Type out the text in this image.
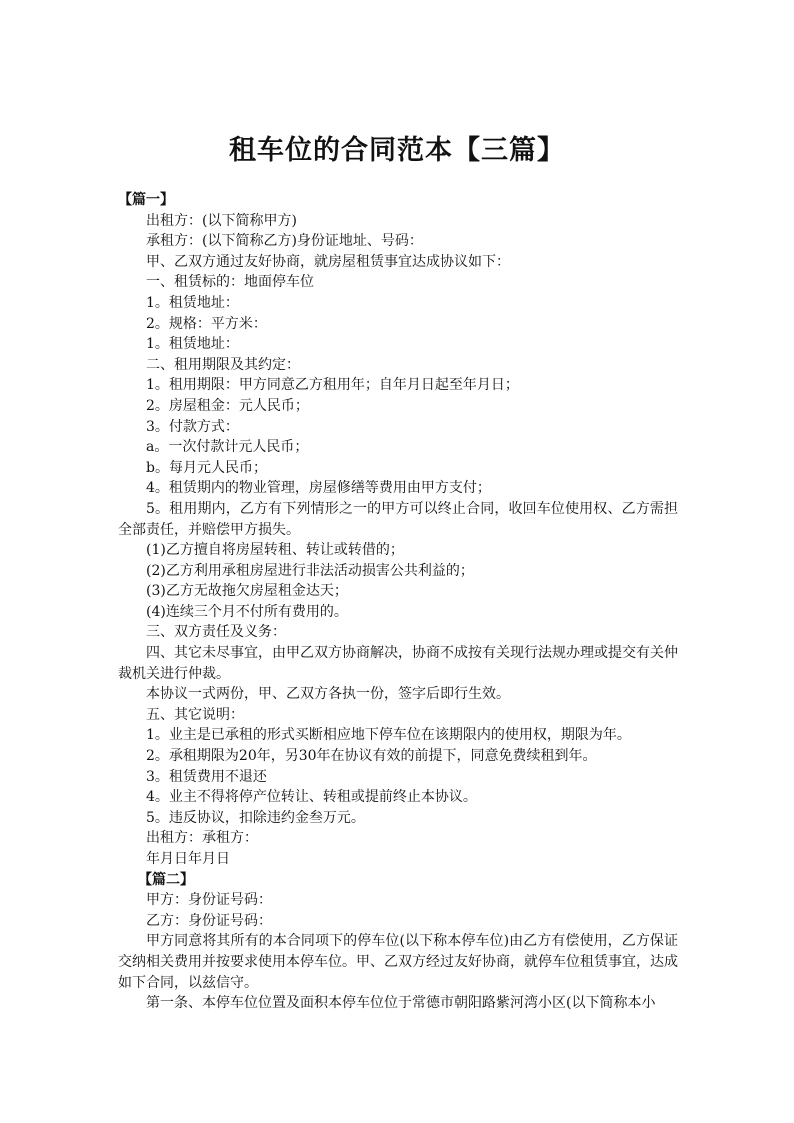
租车位的合同范本【三篇】

【篇一】

出租方：(以下简称甲方)

承租方：(以下简称乙方)身份证地址、号码：

甲、乙双方通过友好协商，就房屋租赁事宜达成协议如下：

一、租赁标的：地面停车位

1。租赁地址：

2。规格：平方米：

1。租赁地址：

二、租用期限及其约定：

1。租用期限：甲方同意乙方租用年；自年月日起至年月日；

2。房屋租金：元人民币；

3。付款方式：

a。一次付款计元人民币；

b。每月元人民币；

4。租赁期内的物业管理，房屋修缮等费用由甲方支付；

5。租用期内，乙方有下列情形之一的甲方可以终止合同，收回车位使用权、乙方需担全部责任，并赔偿甲方损失。

(1)乙方擅自将房屋转租、转让或转借的；

(2)乙方利用承租房屋进行非法活动损害公共利益的；

(3)乙方无故拖欠房屋租金达天；

(4)连续三个月不付所有费用的。

三、双方责任及义务：

四、其它未尽事宜，由甲乙双方协商解决，协商不成按有关现行法规办理或提交有关仲裁机关进行仲裁。

本协议一式两份，甲、乙双方各执一份，签字后即行生效。

五、其它说明：

1。业主是已承租的形式买断相应地下停车位在该期限内的使用权，期限为年。

2。承租期限为20年，另30年在协议有效的前提下，同意免费续租到年。

3。租赁费用不退还

4。业主不得将停产位转让、转租或提前终止本协议。

5。违反协议，扣除违约金叁万元。

出租方：承租方：

年月日年月日

【篇二】

甲方：身份证号码：

乙方：身份证号码：

甲方同意将其所有的本合同项下的停车位(以下称本停车位)由乙方有偿使用，乙方保证交纳相关费用并按要求使用本停车位。甲、乙双方经过友好协商，就停车位租赁事宜，达成如下合同，以兹信守。

第一条、本停车位位置及面积本停车位位于常德市朝阳路紫河湾小区(以下简称本小
